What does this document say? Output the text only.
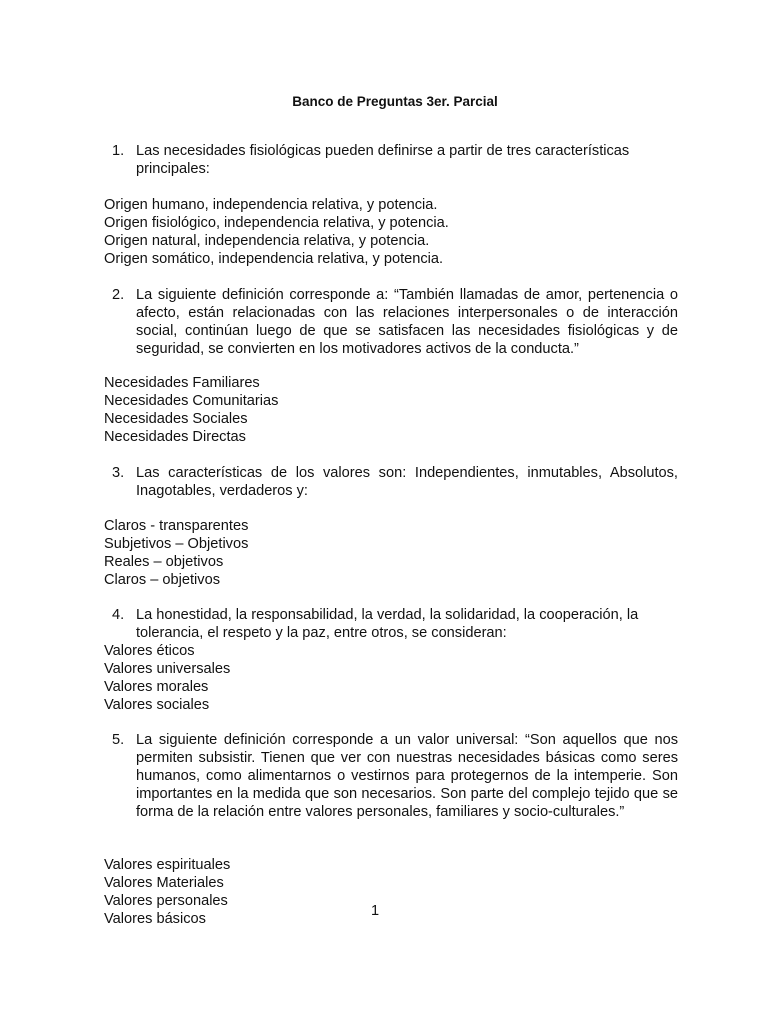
Banco de Preguntas 3er. Parcial
1. Las necesidades fisiológicas pueden definirse a partir de tres características principales:
Origen humano, independencia relativa, y potencia.
Origen fisiológico, independencia relativa, y potencia.
Origen natural, independencia relativa, y potencia.
Origen somático, independencia relativa, y potencia.
2. La siguiente definición corresponde a: “También llamadas de amor, pertenencia o afecto, están relacionadas con las relaciones interpersonales o de interacción social, continúan luego de que se satisfacen las necesidades fisiológicas y de seguridad, se convierten en los motivadores activos de la conducta.”
Necesidades Familiares
Necesidades Comunitarias
Necesidades Sociales
Necesidades Directas
3. Las características de los valores son: Independientes, inmutables, Absolutos, Inagotables, verdaderos y:
Claros - transparentes
Subjetivos – Objetivos
Reales – objetivos
Claros – objetivos
4. La honestidad, la responsabilidad, la verdad, la solidaridad, la cooperación, la tolerancia, el respeto y la paz, entre otros, se consideran:
Valores éticos
Valores universales
Valores morales
Valores sociales
5. La siguiente definición corresponde a un valor universal: “Son aquellos que nos permiten subsistir. Tienen que ver con nuestras necesidades básicas como seres humanos, como alimentarnos o vestirnos para protegernos de la intemperie. Son importantes en la medida que son necesarios. Son parte del complejo tejido que se forma de la relación entre valores personales, familiares y socio-culturales.”
Valores espirituales
Valores Materiales
Valores personales
Valores básicos	1
